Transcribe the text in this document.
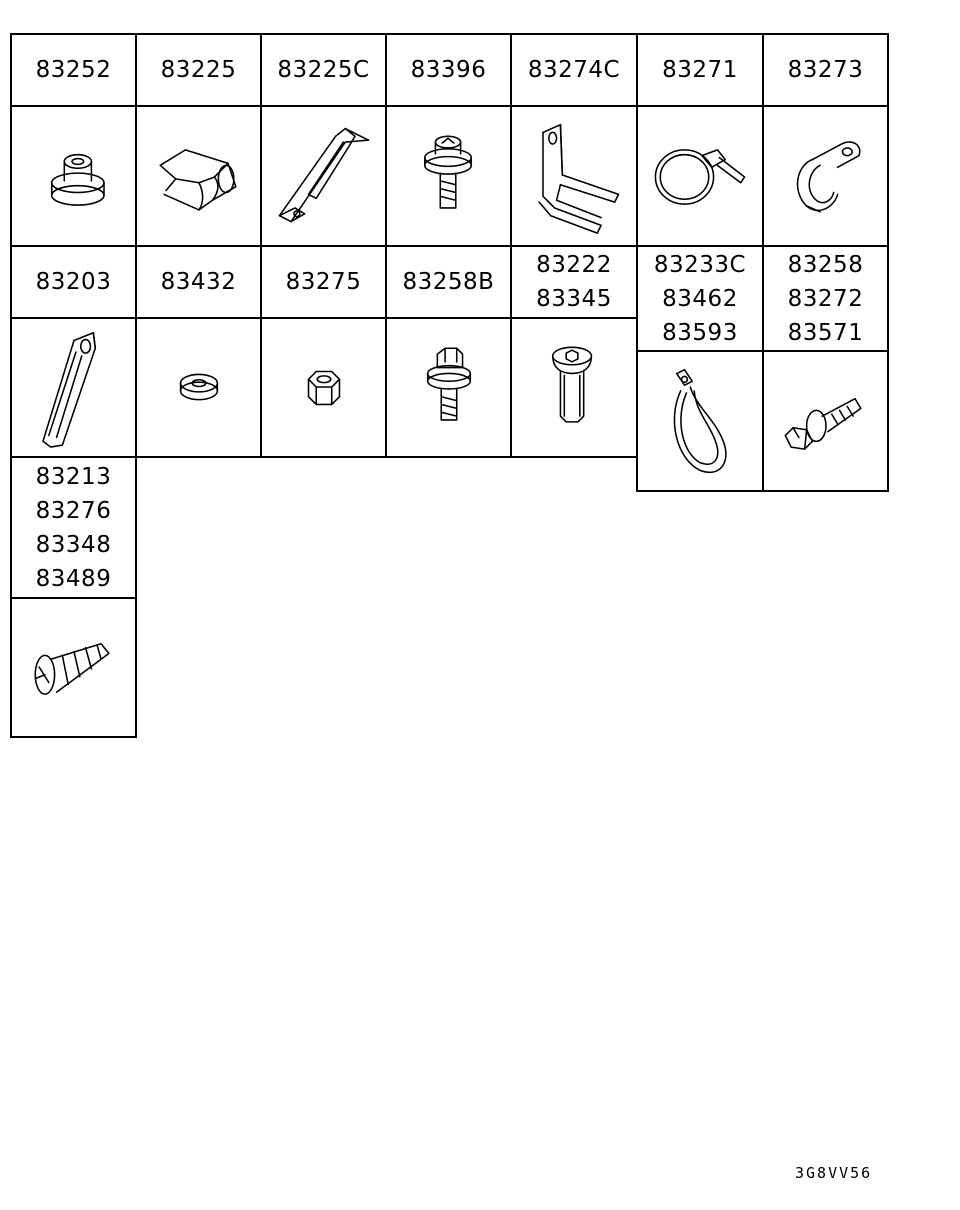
83252 83225 83225C 83396 83274C 83271 83273
83203 83432 83275 83258B
83222
83345
83233C
83462
83593
83258
83272
83571
83213
83276
83348
83489
3G8VV56
